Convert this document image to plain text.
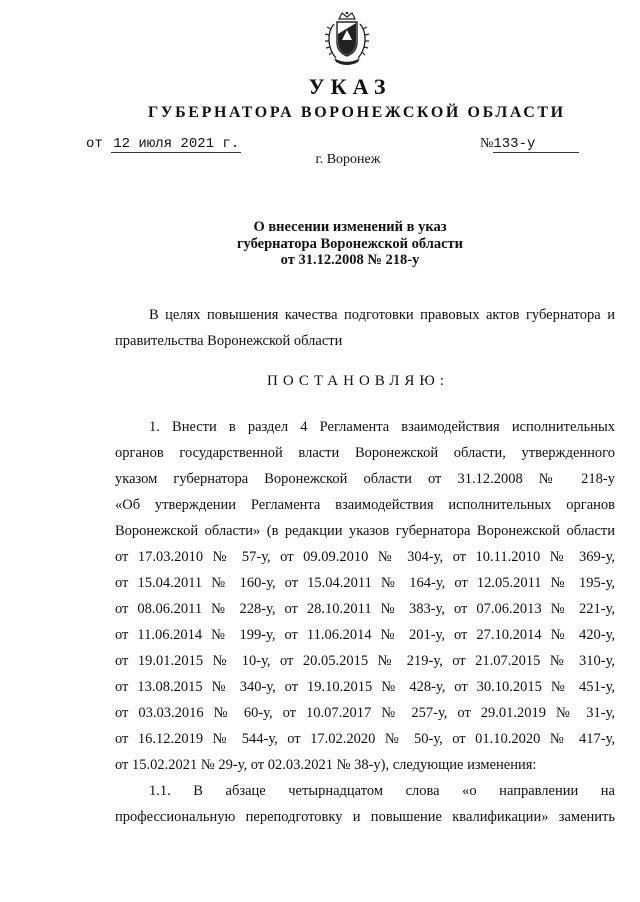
УКАЗ
ГУБЕРНАТОРА ВОРОНЕЖСКОЙ ОБЛАСТИ
от 12 июля 2021 г.	№133-у
г. Воронеж
О внесении изменений в указ
губернатора Воронежской области
от 31.12.2008 № 218-у

В целях повышения качества подготовки правовых актов губернатора и

правительства Воронежской области

ПОСТАНОВЛЯЮ:

1. Внести в раздел 4 Регламента взаимодействия исполнительных
органов государственной власти Воронежской области, утвержденного
указом губернатора Воронежской области от 31.12.2008 № 218-у
«Об утверждении Регламента взаимодействия исполнительных органов
Воронежской области» (в редакции указов губернатора Воронежской области
от 17.03.2010 № 57-у, от 09.09.2010 № 304-у, от 10.11.2010 № 369-у,
от 15.04.2011 № 160-у, от 15.04.2011 № 164-у, от 12.05.2011 № 195-у,
от 08.06.2011 № 228-у, от 28.10.2011 № 383-у, от 07.06.2013 № 221-у,
от 11.06.2014 № 199-у, от 11.06.2014 № 201-у, от 27.10.2014 № 420-у,
от 19.01.2015 № 10-у, от 20.05.2015 № 219-у, от 21.07.2015 № 310-у,
от 13.08.2015 № 340-у, от 19.10.2015 № 428-у, от 30.10.2015 № 451-у,
от 03.03.2016 № 60-у, от 10.07.2017 № 257-у, от 29.01.2019 № 31-у,
от 16.12.2019 № 544-у, от 17.02.2020 № 50-у, от 01.10.2020 № 417-у,

от 15.02.2021 № 29-у, от 02.03.2021 № 38-у), следующие изменения:

1.1. В абзаце четырнадцатом слова «о направлении на
профессиональную переподготовку и повышение квалификации» заменить
